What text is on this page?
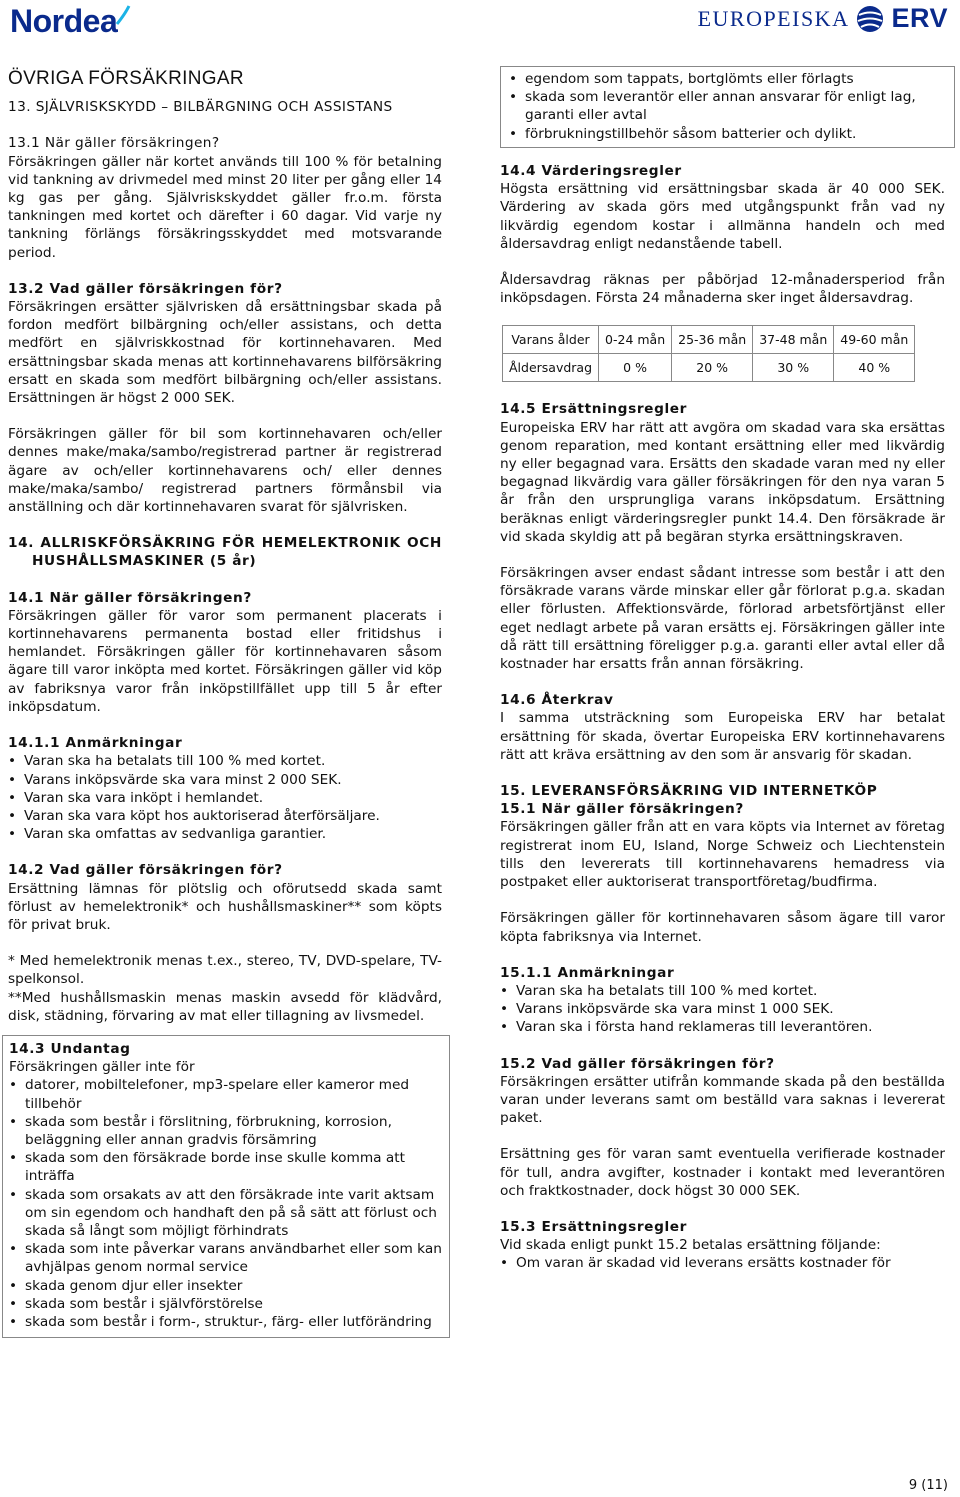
Nordea	EUROPEISKA ERV
ÖVRIGA FÖRSÄKRINGAR

13. SJÄLVRISKSKYDD – BILBÄRGNING OCH ASSISTANS

13.1 När gäller försäkringen?

Försäkringen gäller när kortet används till 100 % för betalning vid tankning av drivmedel med minst 20 liter per gång eller 14 kg gas per gång. Självriskskyddet gäller fr.o.m. första tankningen med kortet och därefter i 60 dagar. Vid varje ny tankning förlängs försäkringsskyddet med motsvarande period.

13.2 Vad gäller försäkringen för?

Försäkringen ersätter självrisken då ersättningsbar skada på fordon medfört bilbärgning och/eller assistans, och detta medfört en självriskkostnad för kortinnehavaren. Med ersättningsbar skada menas att kortinnehavarens bilförsäkring ersatt en skada som medfört bilbärgning och/eller assistans. Ersättningen är högst 2 000 SEK.

Försäkringen gäller för bil som kortinnehavaren och/eller dennes make/maka/sambo/registrerad partner är registrerad ägare av och/eller kortinnehavarens och/ eller dennes make/maka/sambo/ registrerad partners förmånsbil via anställning och där kortinnehavaren svarat för självrisken.

14. ALLRISKFÖRSÄKRING FÖR HEMELEKTRONIK OCH HUSHÅLLSMASKINER (5 år)

14.1 När gäller försäkringen?

Försäkringen gäller för varor som permanent placerats i kortinnehavarens permanenta bostad eller fritidshus i hemlandet. Försäkringen gäller för kortinnehavaren såsom ägare till varor inköpta med kortet. Försäkringen gäller vid köp av fabriksnya varor från inköpstillfället upp till 5 år efter inköpsdatum.

14.1.1 Anmärkningar

• Varan ska ha betalats till 100 % med kortet.
• Varans inköpsvärde ska vara minst 2 000 SEK.
• Varan ska vara inköpt i hemlandet.
• Varan ska vara köpt hos auktoriserad återförsäljare.
• Varan ska omfattas av sedvanliga garantier.

14.2 Vad gäller försäkringen för?

Ersättning lämnas för plötslig och oförutsedd skada samt förlust av hemelektronik* och hushållsmaskiner** som köpts för privat bruk.

* Med hemelektronik menas t.ex., stereo, TV, DVD-spelare, TV-spelkonsol.

**Med hushållsmaskin menas maskin avsedd för klädvård, disk, städning, förvaring av mat eller tillagning av livsmedel.

14.3 Undantag

Försäkringen gäller inte för

• datorer, mobiltelefoner, mp3-spelare eller kameror med tillbehör
• skada som består i förslitning, förbrukning, korrosion, beläggning eller annan gradvis försämring
• skada som den försäkrade borde inse skulle komma att inträffa
• skada som orsakats av att den försäkrade inte varit aktsam om sin egendom och handhaft den på så sätt att förlust och skada så långt som möjligt förhindrats
• skada som inte påverkar varans användbarhet eller som kan avhjälpas genom normal service
• skada genom djur eller insekter
• skada som består i självförstörelse
• skada som består i form-, struktur-, färg- eller lutförändring
• egendom som tappats, bortglömts eller förlagts
• skada som leverantör eller annan ansvarar för enligt lag, garanti eller avtal
• förbrukningstillbehör såsom batterier och dylikt.

14.4 Värderingsregler

Högsta ersättning vid ersättningsbar skada är 40 000 SEK. Värdering av skada görs med utgångspunkt från vad ny likvärdig egendom kostar i allmänna handeln och med åldersavdrag enligt nedanstående tabell.

Åldersavdrag räknas per påbörjad 12-månadersperiod från inköpsdagen. Första 24 månaderna sker inget åldersavdrag.

Varans ålder	0-24 mån	25-36 mån	37-48 mån	49-60 mån
Åldersavdrag	0 %	20 %	30 %	40 %

14.5 Ersättningsregler

Europeiska ERV har rätt att avgöra om skadad vara ska ersättas genom reparation, med kontant ersättning eller med likvärdig ny eller begagnad vara. Ersätts den skadade varan med ny eller begagnad likvärdig vara gäller försäkringen för den nya varan 5 år från den ursprungliga varans inköpsdatum. Ersättning beräknas enligt värderingsregler punkt 14.4. Den försäkrade är vid skada skyldig att på begäran styrka ersättningskraven.

Försäkringen avser endast sådant intresse som består i att den försäkrade varans värde minskar eller går förlorat p.g.a. skadan eller förlusten. Affektionsvärde, förlorad arbetsförtjänst eller eget nedlagt arbete på varan ersätts ej. Försäkringen gäller inte då rätt till ersättning föreligger p.g.a. garanti eller avtal eller då kostnader har ersatts från annan försäkring.

14.6 Återkrav

I samma utsträckning som Europeiska ERV har betalat ersättning för skada, övertar Europeiska ERV kortinnehavarens rätt att kräva ersättning av den som är ansvarig för skadan.

15. LEVERANSFÖRSÄKRING VID INTERNETKÖP

15.1 När gäller försäkringen?

Försäkringen gäller från att en vara köpts via Internet av företag registrerat inom EU, Island, Norge Schweiz och Liechtenstein tills den levererats till kortinnehavarens hemadress via postpaket eller auktoriserat transportföretag/budfirma.

Försäkringen gäller för kortinnehavaren såsom ägare till varor köpta fabriksnya via Internet.

15.1.1 Anmärkningar

• Varan ska ha betalats till 100 % med kortet.
• Varans inköpsvärde ska vara minst 1 000 SEK.
• Varan ska i första hand reklameras till leverantören.

15.2 Vad gäller försäkringen för?

Försäkringen ersätter utifrån kommande skada på den beställda varan under leverans samt om beställd vara saknas i levererat paket.

Ersättning ges för varan samt eventuella verifierade kostnader för tull, andra avgifter, kostnader i kontakt med leverantören och fraktkostnader, dock högst 30 000 SEK.

15.3 Ersättningsregler

Vid skada enligt punkt 15.2 betalas ersättning följande:

• Om varan är skadad vid leverans ersätts kostnader för
9 (11)
